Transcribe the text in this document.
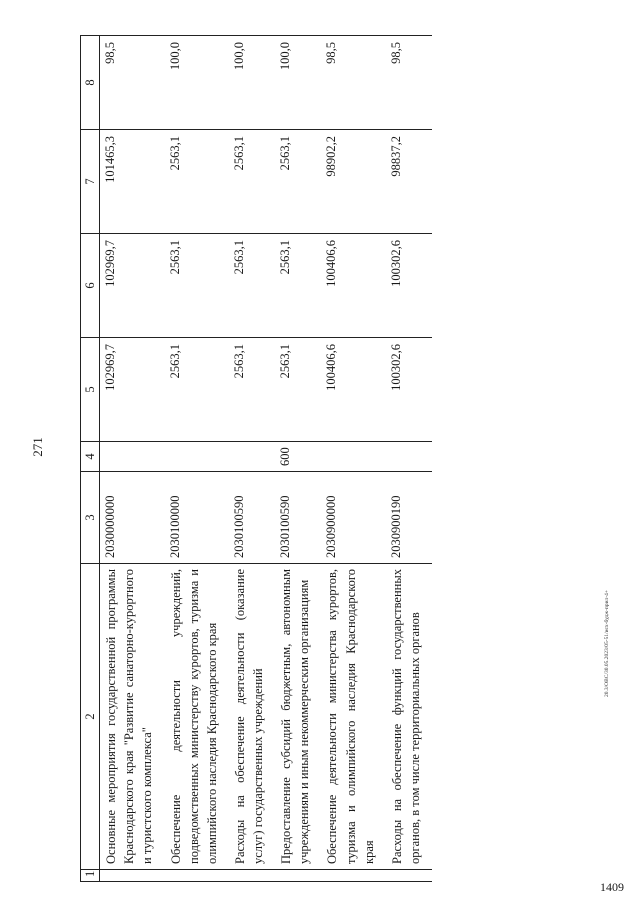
271
1	2	3	4	5	6	7	8
	Основные мероприятия государственной программы Краснодарского края "Развитие санаторно-курортного и туристского комплекса"	2030000000		102969,7	102969,7	101465,3	98,5
	Обеспечение деятельности учреждений, подведомственных министерству курортов, туризма и олимпийского наследия Краснодарского края	2030100000		2563,1	2563,1	2563,1	100,0
	Расходы на обеспечение деятельности (оказание услуг) государственных учреждений	2030100590		2563,1	2563,1	2563,1	100,0
	Предоставление субсидий бюджетным, автономным учреждениям и иным некоммерческим организациям	2030100590	600	2563,1	2563,1	2563,1	100,0
	Обеспечение деятельности министерства курортов, туризма и олимпийского наследия Краснодарского края	2030900000		100406,6	100406,6	98902,2	98,5
	Расходы на обеспечение функций государственных органов, в том числе территориальных органов	2030900190		100302,6	100302,6	98837,2	98,5
20.3/ОВС/30.05.2023/05-51/исх-будж-прил-4+
1409
